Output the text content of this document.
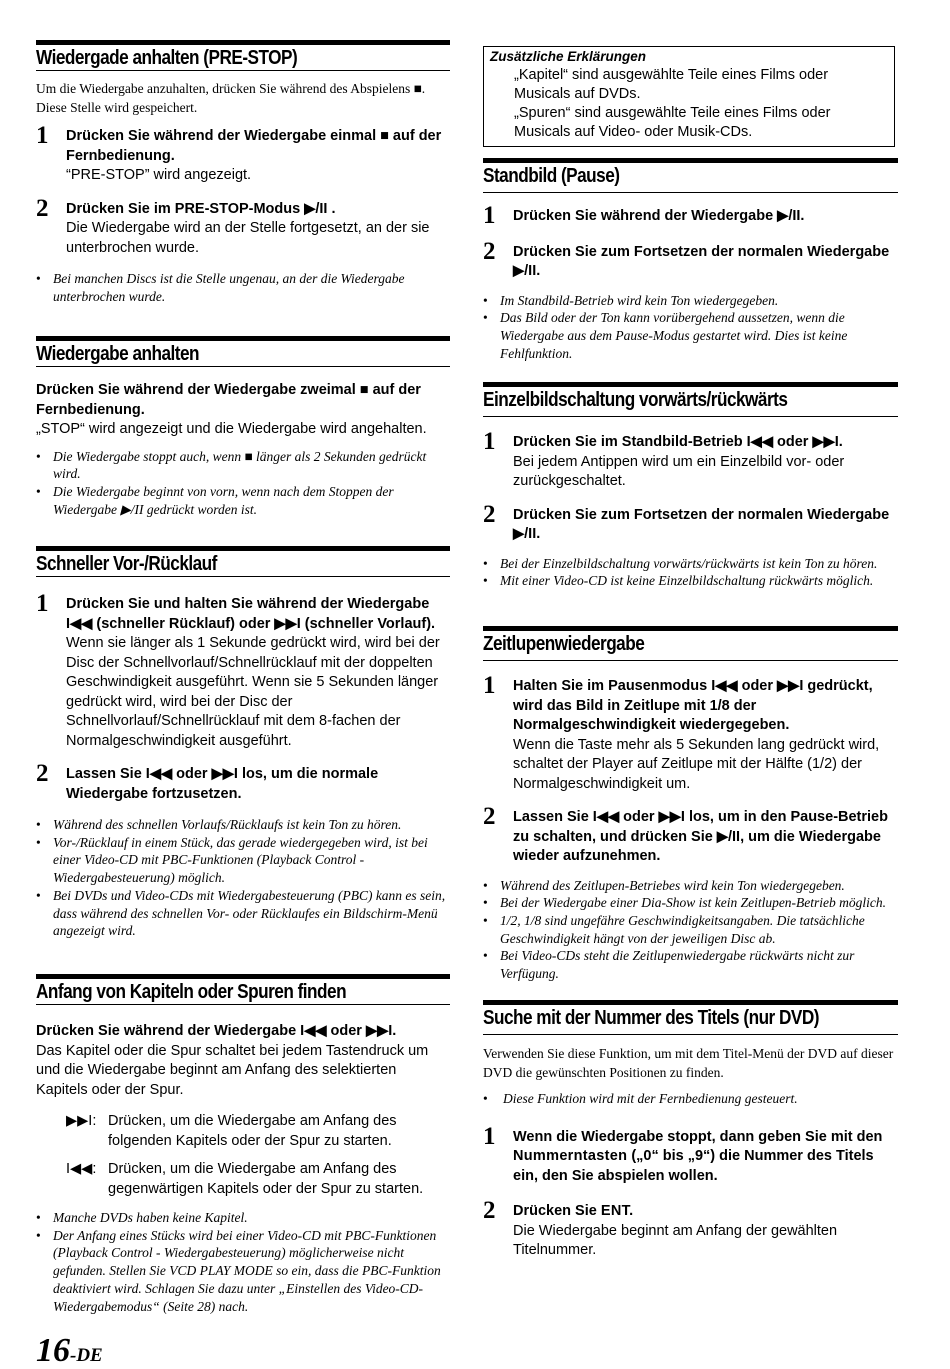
Wiedergade anhalten (PRE-STOP)

Um die Wiedergabe anzuhalten, drücken Sie während des Abspielens ■. Diese Stelle wird gespeichert.

1 Drücken Sie während der Wiedergabe einmal ■ auf der Fernbedienung.

“PRE-STOP” wird angezeigt.

2 Drücken Sie im PRE-STOP-Modus ▶/II .

Die Wiedergabe wird an der Stelle fortgesetzt, an der sie unterbrochen wurde.

• Bei manchen Discs ist die Stelle ungenau, an der die Wiedergabe unterbrochen wurde.
Wiedergabe anhalten

Drücken Sie während der Wiedergabe zweimal ■ auf der Fernbedienung.

„STOP“ wird angezeigt und die Wiedergabe wird angehalten.

• Die Wiedergabe stoppt auch, wenn ■ länger als 2 Sekunden gedrückt wird.
• Die Wiedergabe beginnt von vorn, wenn nach dem Stoppen der Wiedergabe ▶/II gedrückt worden ist.
Schneller Vor-/Rücklauf
1 Drücken Sie und halten Sie während der Wiedergabe I◀◀ (schneller Rücklauf) oder ▶▶I (schneller Vorlauf).

Wenn sie länger als 1 Sekunde gedrückt wird, wird bei der Disc der Schnellvorlauf/Schnellrücklauf mit der doppelten Geschwindigkeit ausgeführt. Wenn sie 5 Sekunden länger gedrückt wird, wird bei der Disc der Schnellvorlauf/Schnellrücklauf mit dem 8-fachen der Normalgeschwindigkeit ausgeführt.

2 Lassen Sie I◀◀ oder ▶▶I los, um die normale Wiedergabe fortzusetzen.

• Während des schnellen Vorlaufs/Rücklaufs ist kein Ton zu hören.
• Vor-/Rücklauf in einem Stück, das gerade wiedergegeben wird, ist bei einer Video-CD mit PBC-Funktionen (Playback Control - Wiedergabesteuerung) möglich.
• Bei DVDs und Video-CDs mit Wiedergabesteuerung (PBC) kann es sein, dass während des schnellen Vor- oder Rücklaufes ein Bildschirm-Menü angezeigt wird.
Anfang von Kapiteln oder Spuren finden

Drücken Sie während der Wiedergabe I◀◀ oder ▶▶I.

Das Kapitel oder die Spur schaltet bei jedem Tastendruck um und die Wiedergabe beginnt am Anfang des selektierten Kapitels oder der Spur.

▶▶I: Drücken, um die Wiedergabe am Anfang des folgenden Kapitels oder der Spur zu starten.

I◀◀: Drücken, um die Wiedergabe am Anfang des gegenwärtigen Kapitels oder der Spur zu starten.

• Manche DVDs haben keine Kapitel.
• Der Anfang eines Stücks wird bei einer Video-CD mit PBC-Funktionen (Playback Control - Wiedergabesteuerung) möglicherweise nicht gefunden. Stellen Sie VCD PLAY MODE so ein, dass die PBC-Funktion deaktiviert wird. Schlagen Sie dazu unter „Einstellen des Video-CD-Wiedergabemodus“ (Seite 28) nach.
16-DE

Zusätzliche Erklärungen

„Kapitel“ sind ausgewählte Teile eines Films oder

Musicals auf DVDs.

„Spuren“ sind ausgewählte Teile eines Films oder

Musicals auf Video- oder Musik-CDs.

Standbild (Pause)
1 Drücken Sie während der Wiedergabe ▶/II.

2 Drücken Sie zum Fortsetzen der normalen Wiedergabe ▶/II.

• Im Standbild-Betrieb wird kein Ton wiedergegeben.
• Das Bild oder der Ton kann vorübergehend aussetzen, wenn die Wiedergabe aus dem Pause-Modus gestartet wird. Dies ist keine Fehlfunktion.
Einzelbildschaltung vorwärts/rückwärts
1 Drücken Sie im Standbild-Betrieb I◀◀ oder ▶▶I.

Bei jedem Antippen wird um ein Einzelbild vor- oder zurückgeschaltet.

2 Drücken Sie zum Fortsetzen der normalen Wiedergabe ▶/II.

• Bei der Einzelbildschaltung vorwärts/rückwärts ist kein Ton zu hören.
• Mit einer Video-CD ist keine Einzelbildschaltung rückwärts möglich.
Zeitlupenwiedergabe
1 Halten Sie im Pausenmodus I◀◀ oder ▶▶I gedrückt, wird das Bild in Zeitlupe mit 1/8 der Normalgeschwindigkeit wiedergegeben.

Wenn die Taste mehr als 5 Sekunden lang gedrückt wird, schaltet der Player auf Zeitlupe mit der Hälfte (1/2) der Normalgeschwindigkeit um.

2 Lassen Sie I◀◀ oder ▶▶I los, um in den Pause-Betrieb zu schalten, und drücken Sie ▶/II, um die Wiedergabe wieder aufzunehmen.

• Während des Zeitlupen-Betriebes wird kein Ton wiedergegeben.
• Bei der Wiedergabe einer Dia-Show ist kein Zeitlupen-Betrieb möglich.
• 1/2, 1/8 sind ungefähre Geschwindigkeitsangaben. Die tatsächliche Geschwindigkeit hängt von der jeweiligen Disc ab.
• Bei Video-CDs steht die Zeitlupenwiedergabe rückwärts nicht zur Verfügung.
Suche mit der Nummer des Titels (nur DVD)

Verwenden Sie diese Funktion, um mit dem Titel-Menü der DVD auf dieser DVD die gewünschten Positionen zu finden.

• Diese Funktion wird mit der Fernbedienung gesteuert.
1 Wenn die Wiedergabe stoppt, dann geben Sie mit den Nummerntasten („0“ bis „9“) die Nummer des Titels ein, den Sie abspielen wollen.

2 Drücken Sie ENT.

Die Wiedergabe beginnt am Anfang der gewählten Titelnummer.
